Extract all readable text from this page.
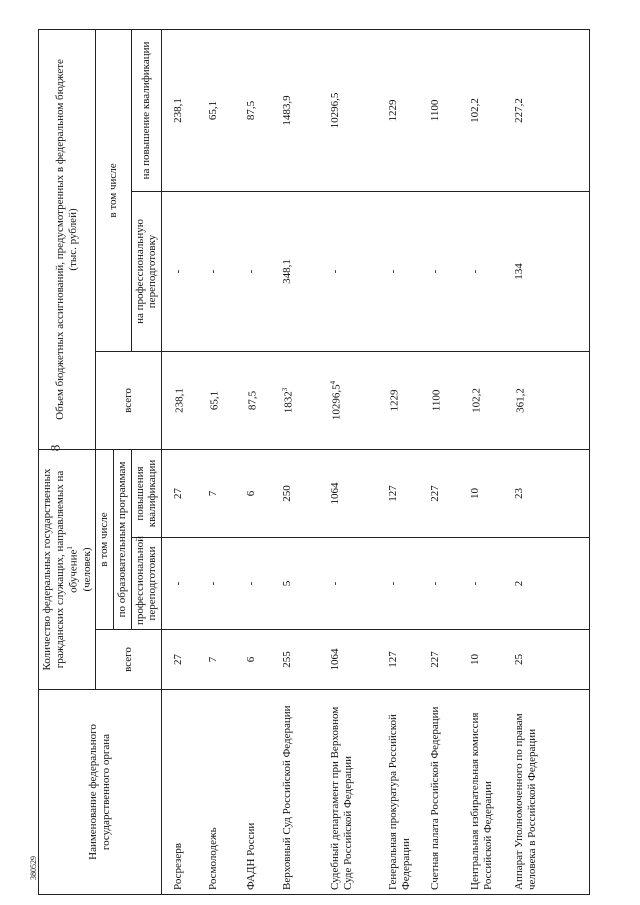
8
380529
Наименование федерального государственного органа	Количество федеральных государственных гражданских служащих, направляемых на обучение$^1$ (человек)			Объем бюджетных ассигнований, предусмотренных в федеральном бюджете
(тыс. рублей)		
	всего	в том числе		всего	в том числе	
		по образовательным программам				
		профессиональной переподготовки	повышения квалификации		на профессиональную переподготовку	на повышение квалификации
Росрезерв	27	-	27	238,1	-	238,1
Росмолодежь	7	-	7	65,1	-	65,1
ФАДН России	6	-	6	87,5	-	87,5
Верховный Суд Российской Федерации	255	5	250	1832$^3$	348,1	1483,9
Судебный департамент при Верховном Суде Российской Федерации	1064	-	1064	10296,5$^4$	-	10296,5
Генеральная прокуратура Российской Федерации	127	-	127	1229	-	1229
Счетная палата Российской Федерации	227	-	227	1100	-	1100
Центральная избирательная комиссия Российской Федерации	10	-	10	102,2	-	102,2
Аппарат Уполномоченного по правам человека в Российской Федерации	25	2	23	361,2	134	227,2
